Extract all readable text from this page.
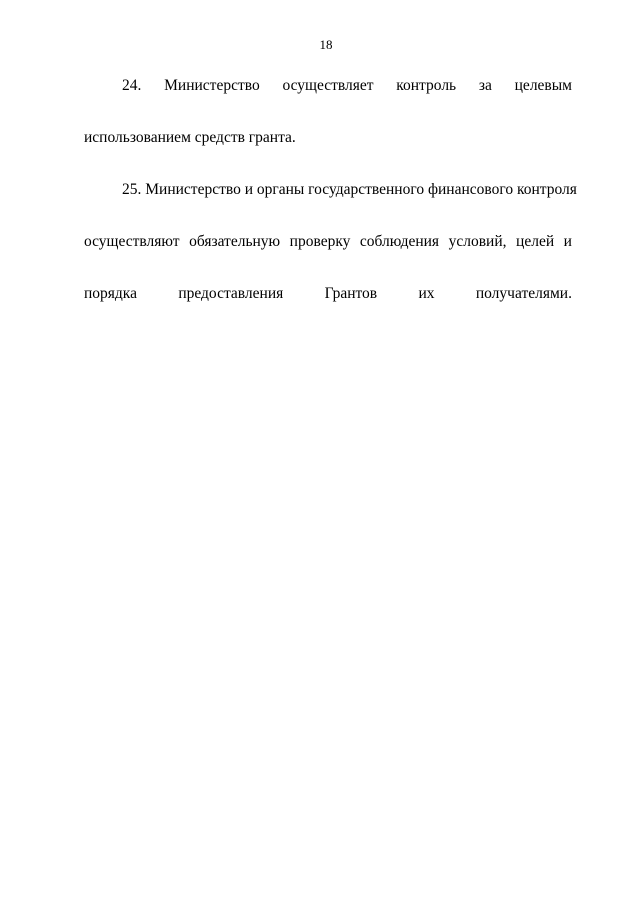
18
24. Министерство осуществляет контроль за целевым
использованием средств гранта.
25. Министерство и органы государственного финансового контроля
осуществляют обязательную проверку соблюдения условий, целей и
порядка	предоставления	Грантов	их	получателями.
